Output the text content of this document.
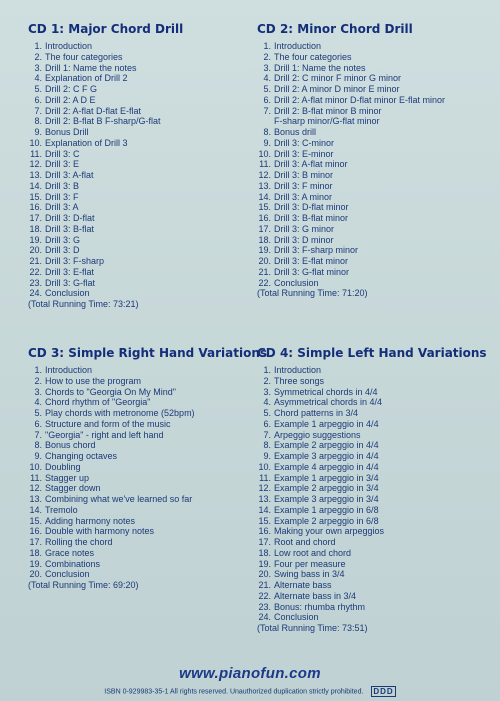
CD 1: Major Chord Drill
1. Introduction
2. The four categories
3. Drill 1: Name the notes
4. Explanation of Drill 2
5. Drill 2: C F G
6. Drill 2: A D E
7. Drill 2: A-flat D-flat E-flat
8. Drill 2: B-flat B F-sharp/G-flat
9. Bonus Drill
10. Explanation of Drill 3
11. Drill 3: C
12. Drill 3: E
13. Drill 3: A-flat
14. Drill 3: B
15. Drill 3: F
16. Drill 3: A
17. Drill 3: D-flat
18. Drill 3: B-flat
19. Drill 3: G
20. Drill 3: D
21. Drill 3: F-sharp
22. Drill 3: E-flat
23. Drill 3: G-flat
24. Conclusion
(Total Running Time: 73:21)
CD 2: Minor Chord Drill
1. Introduction
2. The four categories
3. Drill 1: Name the notes
4. Drill 2: C minor F minor G minor
5. Drill 2: A minor D minor E minor
6. Drill 2: A-flat minor D-flat minor E-flat minor
7. Drill 2: B-flat minor B minor
F-sharp minor/G-flat minor
8. Bonus drill
9. Drill 3: C-minor
10. Drill 3: E-minor
11. Drill 3: A-flat minor
12. Drill 3: B minor
13. Drill 3: F minor
14. Drill 3: A minor
15. Drill 3: D-flat minor
16. Drill 3: B-flat minor
17. Drill 3: G minor
18. Drill 3: D minor
19. Drill 3: F-sharp minor
20. Drill 3: E-flat minor
21. Drill 3: G-flat minor
22. Conclusion
(Total Running Time: 71:20)
CD 3: Simple Right Hand Variations
1. Introduction
2. How to use the program
3. Chords to "Georgia On My Mind"
4. Chord rhythm of "Georgia"
5. Play chords with metronome (52bpm)
6. Structure and form of the music
7. "Georgia" - right and left hand
8. Bonus chord
9. Changing octaves
10. Doubling
11. Stagger up
12. Stagger down
13. Combining what we've learned so far
14. Tremolo
15. Adding harmony notes
16. Double with harmony notes
17. Rolling the chord
18. Grace notes
19. Combinations
20. Conclusion
(Total Running Time: 69:20)
CD 4: Simple Left Hand Variations
1. Introduction
2. Three songs
3. Symmetrical chords in 4/4
4. Asymmetrical chords in 4/4
5. Chord patterns in 3/4
6. Example 1 arpeggio in 4/4
7. Arpeggio suggestions
8. Example 2 arpeggio in 4/4
9. Example 3 arpeggio in 4/4
10. Example 4 arpeggio in 4/4
11. Example 1 arpeggio in 3/4
12. Example 2 arpeggio in 3/4
13. Example 3 arpeggio in 3/4
14. Example 1 arpeggio in 6/8
15. Example 2 arpeggio in 6/8
16. Making your own arpeggios
17. Root and chord
18. Low root and chord
19. Four per measure
20. Swing bass in 3/4
21. Alternate bass
22. Alternate bass in 3/4
23. Bonus: rhumba rhythm
24. Conclusion
(Total Running Time: 73:51)
www.pianofun.com
ISBN 0-929983-35-1 All rights reserved. Unauthorized duplication strictly prohibited. DDD
